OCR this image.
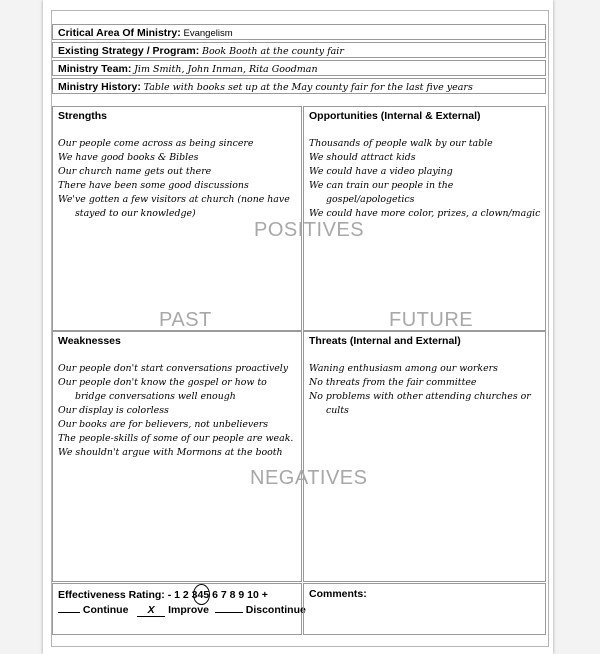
Critical Area Of Ministry: Evangelism
Existing Strategy / Program: Book Booth at the county fair
Ministry Team: Jim Smith, John Inman, Rita Goodman
Ministry History: Table with books set up at the May county fair for the last five years
Strengths
Our people come across as being sincere
We have good books & Bibles
Our church name gets out there
There have been some good discussions
We've gotten a few visitors at church (none have stayed to our knowledge)
Opportunities (Internal & External)
Thousands of people walk by our table
We should attract kids
We could have a video playing
We can train our people in the gospel/apologetics
We could have more color, prizes, a clown/magic
Weaknesses
Our people don't start conversations proactively
Our people don't know the gospel or how to bridge conversations well enough
Our display is colorless
Our books are for believers, not unbelievers
The people-skills of some of our people are weak.
We shouldn't argue with Mormons at the booth
Threats (Internal and External)
Waning enthusiasm among our workers
No threats from the fair committee
No problems with other attending churches or cults
POSITIVES
PAST	FUTURE
NEGATIVES
Effectiveness Rating: - 1 2 3
45 6 7 8 9 10 +
Continue X Improve	Discontinue
Comments:
